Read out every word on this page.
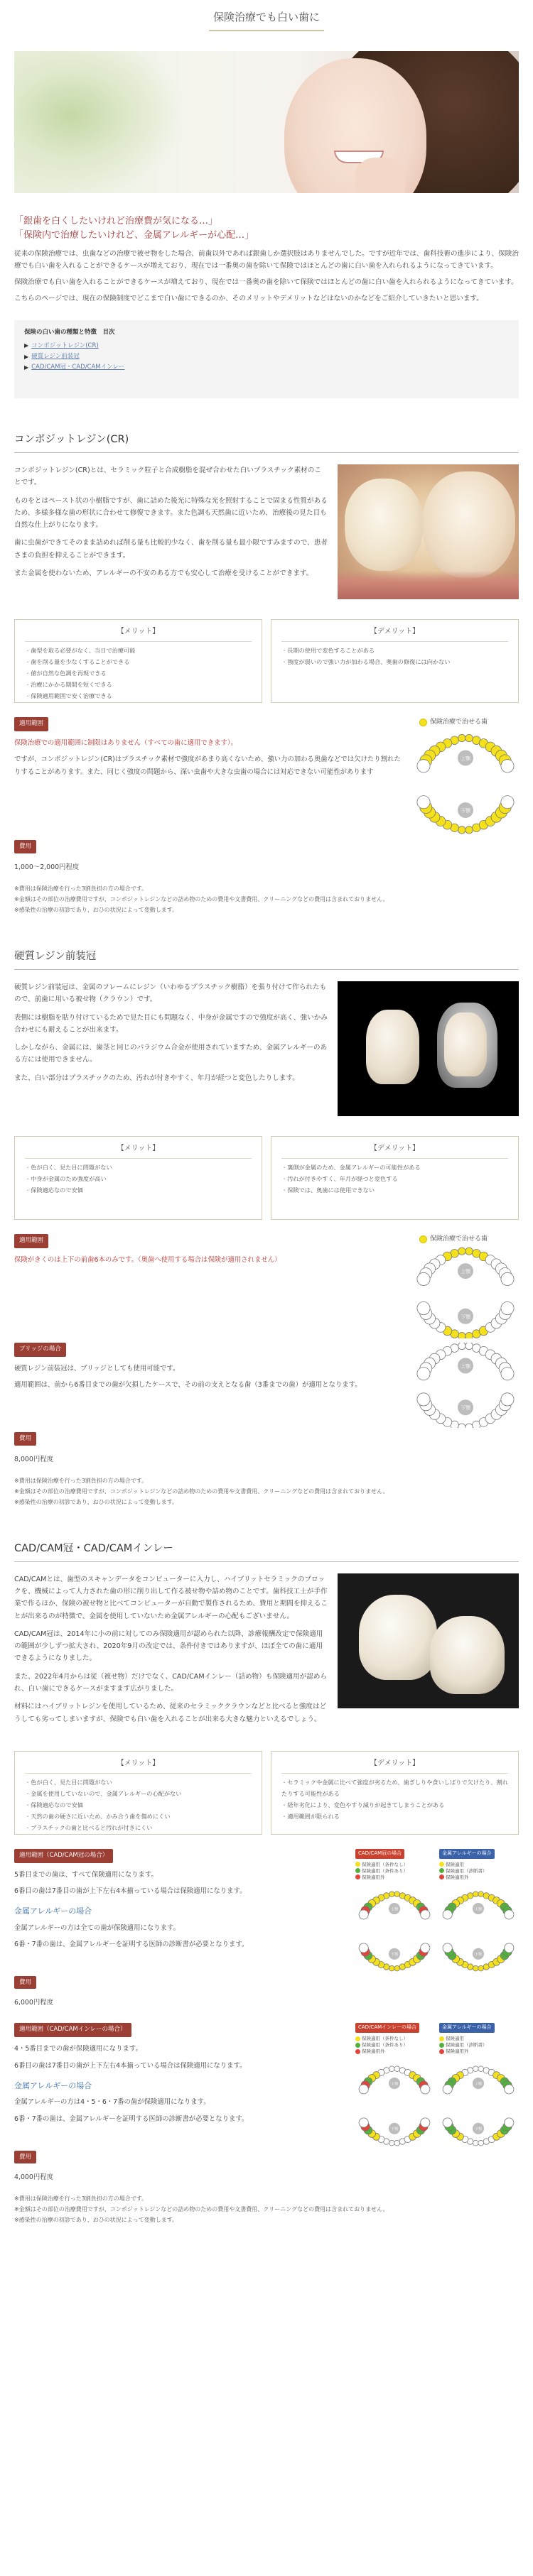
保険治療でも白い歯に
「銀歯を白くしたいけれど治療費が気になる…」
「保険内で治療したいけれど、金属アレルギーが心配…」

従来の保険治療では、虫歯などの治療で被せ物をした場合、前歯以外であれば銀歯しか選択肢はありませんでした。ですが近年では、歯科技術の進歩により、保険治療でも白い歯を入れることができるケースが増えており、現在では一番奥の歯を除いて保険ではほとんどの歯に白い歯を入れられるようになってきています。

保険治療でも白い歯を入れることができるケースが増えており、現在では一番奥の歯を除いて保険ではほとんどの歯に白い歯を入れられるようになってきています。

こちらのページでは、現在の保険制度でどこまで白い歯にできるのか、そのメリットやデメリットなどはないのかなどをご紹介していきたいと思います。

保険の白い歯の種類と特徴　目次
▶ コンポジットレジン(CR)
▶ 硬質レジン前装冠
▶ CAD/CAM冠・CAD/CAMインレー
コンポジットレジン(CR)

コンポジットレジン(CR)とは、セラミック粒子と合成樹脂を混ぜ合わせた白いプラスチック素材のことです。

ものをとはペースト状の小樹脂ですが、歯に詰めた後光に特殊な光を照射することで固まる性質があるため、多様多様な歯の形状に合わせて修復できます。また色調も天然歯に近いため、治療後の見た目も自然な仕上がりになります。

歯に虫歯ができてそのまま詰めれば削る量も比較的少なく、歯を削る量も最小限ですみますので、患者さまの負担を抑えることができます。

また金属を使わないため、アレルギーの不安のある方でも安心して治療を受けることができます。

【メリット】
・ 歯型を取る必要がなく、当日で治療可能
・ 歯を削る量を少なくすることができる
・ 値が自然な色調を再現できる
・ 治療にかかる期間を短くできる
・ 保険適用範囲で安く治療できる
【デメリット】
・ 長期の使用で変色することがある
・ 強度が弱いので強い力が加わる場合、奥歯の修復には向かない
適用範囲

保険治療での適用範囲に制限はありません（すべての歯に適用できます）。

ですが、コンポジットレジン(CR)はプラスチック素材で強度があまり高くないため、強い力の加わる奥歯などでは欠けたり割れたりすることがあります。また、同じく強度の問題から、深い虫歯や大きな虫歯の場合には対応できない可能性があります

保険治療で治せる歯
上顎
下顎
費用
1,000〜2,000円程度
※費用は保険治療を行った3割負担の方の場合です。
※金額はその部位の治療費用ですが、コンポジットレジンなどの詰め物のための費用や文書費用、クリーニングなどの費用は含まれておりません。
※感染性の治療の初診であり、おひの状況によって変動します。
硬質レジン前装冠

硬質レジン前装冠は、金属のフレームにレジン（いわゆるプラスチック樹脂）を張り付けて作られたもので、前歯に用いる被せ物（クラウン）です。

表側には樹脂を貼り付けているためで見た目にも問題なく、中身が金属ですので強度が高く、強いかみ合わせにも耐えることが出来ます。

しかしながら、金属には、歯茎と同じのパラジウム合金が使用されていますため、金属アレルギーのある方には使用できません。

また、白い部分はプラスチックのため、汚れが付きやすく、年月が経つと変色したりします。

【メリット】
・ 色が白く、見た目に問題がない
・ 中身が金属のため強度が高い
・ 保険適応なので安価
【デメリット】
・ 裏側が金属のため、金属アレルギーの可能性がある
・ 汚れが付きやすく、年月が経つと変色する
・ 保険では、奥歯には使用できない
適用範囲

保険がきくのは上下の前歯6本のみです。（奥歯へ使用する場合は保険が適用されません）

保険治療で治せる歯
上顎
下顎
ブリッジの場合

硬質レジン前装冠は、ブリッジとしても使用可能です。

適用範囲は、前から6番目までの歯が欠損したケースで、その前の支えとなる歯（3番までの歯）が適用となります。

上顎
下顎
費用
8,000円程度
※費用は保険治療を行った3割負担の方の場合です。
※金額はその部位の治療費用ですが、コンポジットレジンなどの詰め物のための費用や文書費用、クリーニングなどの費用は含まれておりません。
※感染性の治療の初診であり、おひの状況によって変動します。
CAD/CAM冠・CAD/CAMインレー

CAD/CAMとは、歯型のスキャンデータをコンピューターに入力し、ハイブリットセラミックのブロックを、機械によって人力された歯の形に削り出して作る被せ物や詰め物のことです。歯科技工士が手作業で作るほか、保険の被せ物と比べてコンピューターが自動で製作されるため、費用と期間を抑えることが出来るのが特徴で、金属を使用していないため金属アレルギーの心配もございません。

CAD/CAM冠は、2014年に小の前に対してのみ保険適用が認められた以降、診療報酬改定で保険適用の範囲が少しずつ拡大され、2020年9月の改定では、条件付きではありますが、ほぼ全ての歯に適用できるようになりました。

また、2022年4月からは従（被せ物）だけでなく、CAD/CAMインレー（詰め物）も保険適用が認められ、白い歯にできるケースがますます広がりました。

材料にはハイブリットレジンを使用しているため、従来のセラミッククラウンなどと比べると強度はどうしても劣ってしまいますが、保険でも白い歯を入れることが出来る大きな魅力といえるでしょう。

【メリット】
・ 色が白く、見た目に問題がない
・ 金属を使用していないので、金属アレルギーの心配がない
・ 保険適応なので安価
・ 天然の歯の硬さに近いため、かみ合う歯を傷めにくい
・ プラスチックの歯と比べると汚れが付きにくい
【デメリット】
・ セラミックや金属に比べて強度が劣るため、歯ぎしりや食いしばりで欠けたり、割れたりする可能性がある
・ 経年劣化により、変色やすり減りが起きてしまうことがある
・ 適用範囲が限られる
適用範囲（CAD/CAM冠の場合）

5番目までの歯は、すべて保険適用になります。

6番目の歯は7番目の歯が上下左右4本揃っている場合は保険適用になります。

金属アレルギーの場合

金属アレルギーの方は全ての歯が保険適用になります。

6番・7番の歯は、金属アレルギーを証明する医師の診断書が必要となります。

CAD/CAM冠の場合
保険適用（条件なし）
保険適用（条件あり）
保険適用外
金属アレルギーの場合
保険適用
保険適用（診断書）
保険適用外
上顎
下顎
上顎
下顎
費用
6,000円程度
適用範囲（CAD/CAMインレーの場合）

4・5番目までの歯が保険適用になります。

6番目の歯は7番目の歯が上下左右4本揃っている場合は保険適用になります。

金属アレルギーの場合

金属アレルギーの方は4・5・6・7番の歯が保険適用になります。

6番・7番の歯は、金属アレルギーを証明する医師の診断書が必要となります。

CAD/CAMインレーの場合
保険適用（条件なし）
保険適用（条件あり）
保険適用外
金属アレルギーの場合
保険適用
保険適用（診断書）
保険適用外
上顎
下顎
上顎
下顎
費用
4,000円程度
※費用は保険治療を行った3割負担の方の場合です。
※金額はその部位の治療費用ですが、コンポジットレジンなどの詰め物のための費用や文書費用、クリーニングなどの費用は含まれておりません。
※感染性の治療の初診であり、おひの状況によって変動します。
